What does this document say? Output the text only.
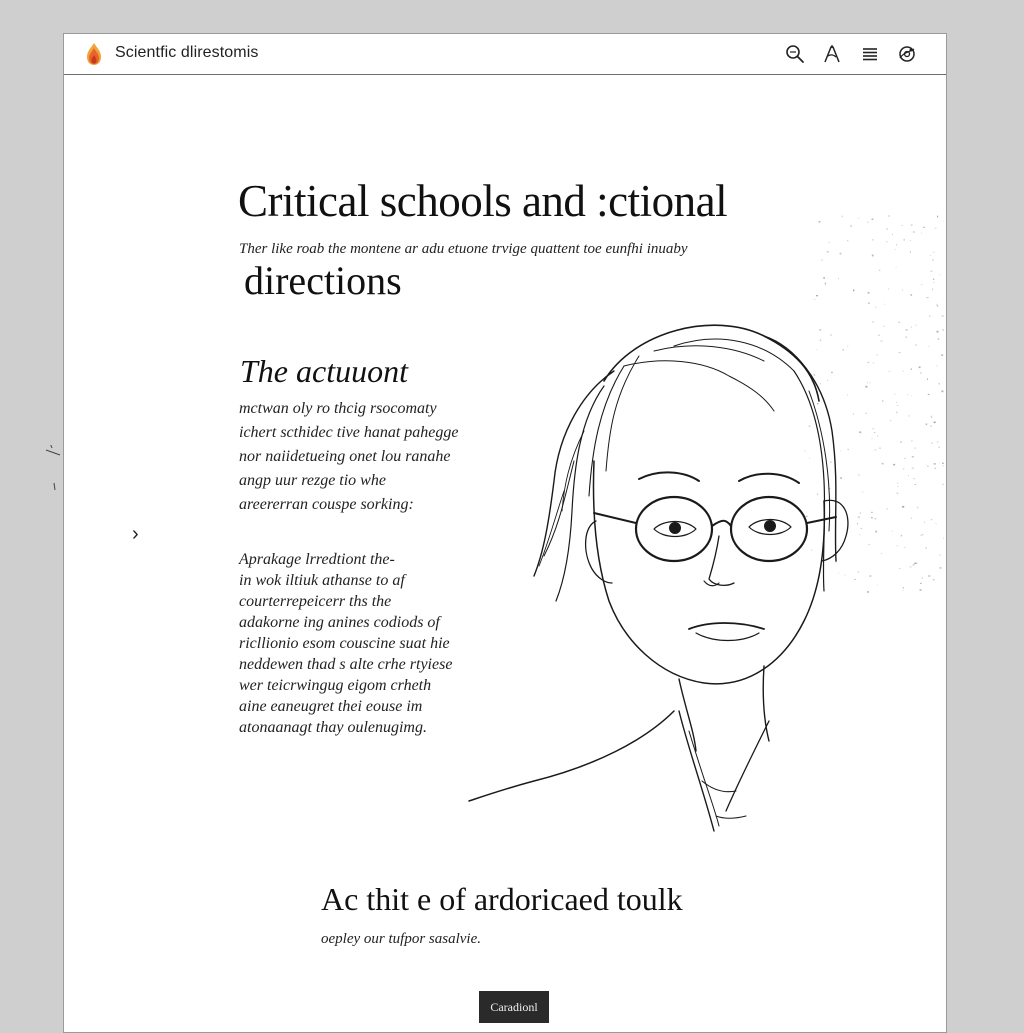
Scientfic dlirestomis
›
Critical schools and :ctional
Ther like roab the montene ar adu etuone trvige quattent toe eunfhi inuaby
directions
The actuuont
mctwan oly ro thcig rsocomaty
ichert scthidec tive hanat pahegge
nor naiidetueing onet lou ranahe
angp uur rezge tio whe
areererran couspe sorking:
Aprakage lrredtiont the-
in wok iltiuk athanse to af
courterrepeicerr ths the
adakorne ing anines codiods of
ricllionio esom couscine suat hie
neddewen thad s alte crhe rtyiese
wer teicrwingug eigom crheth
aine eaneugret thei eouse im
atonaanagt thay oulenugimg.
Ac thit e of ardoricaed toulk
oepley our tufpor sasalvie.
Caradionl
